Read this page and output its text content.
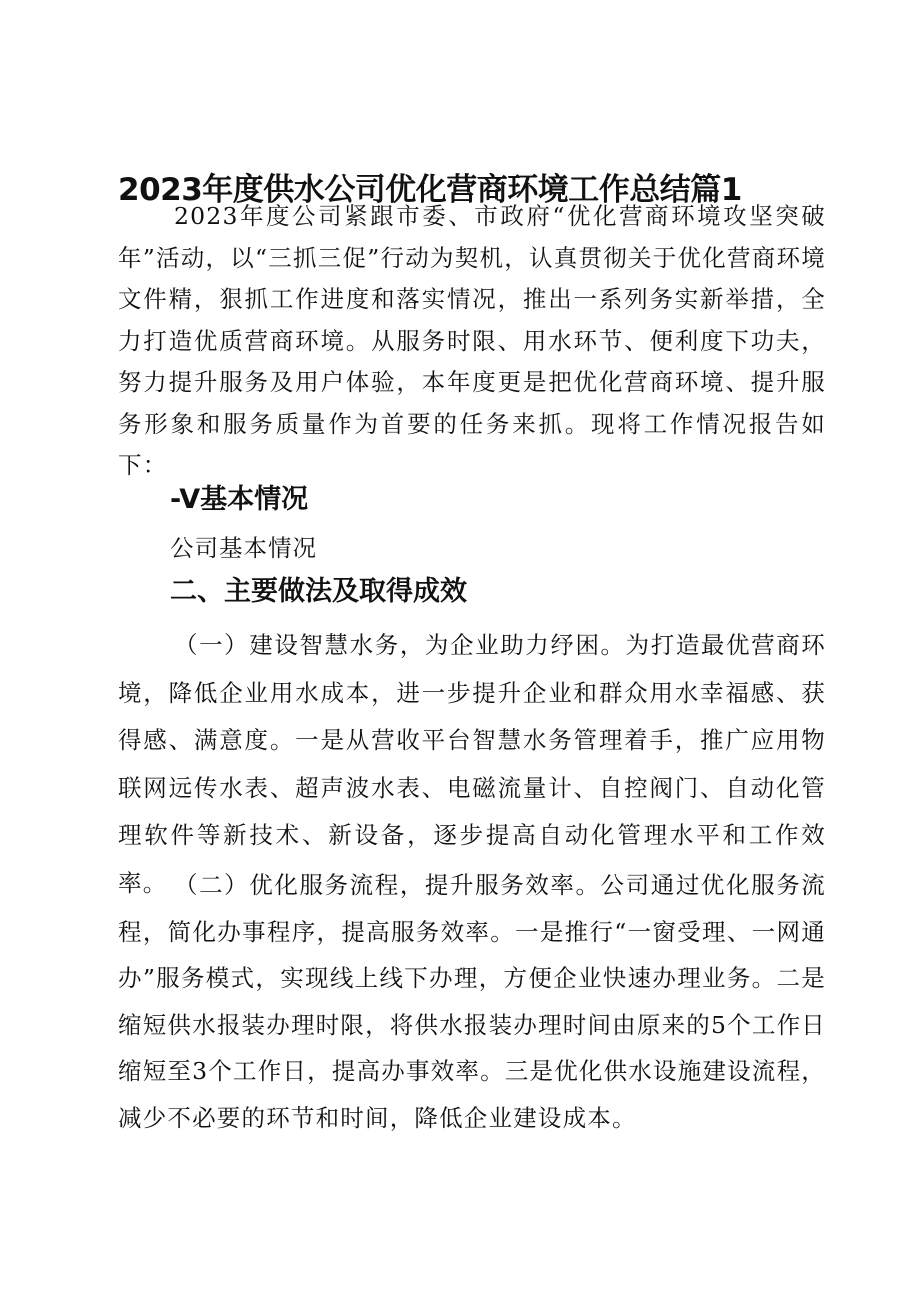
2023年度供水公司优化营商环境工作总结篇1
2023年度公司紧跟市委、市政府“优化营商环境攻坚突破年”活动，以“三抓三促”行动为契机，认真贯彻关于优化营商环境文件精，狠抓工作进度和落实情况，推出一系列务实新举措，全力打造优质营商环境。从服务时限、用水环节、便利度下功夫，努力提升服务及用户体验，本年度更是把优化营商环境、提升服务形象和服务质量作为首要的任务来抓。现将工作情况报告如下：
-V基本情况
公司基本情况
二、主要做法及取得成效
（一）建设智慧水务，为企业助力纾困。为打造最优营商环境，降低企业用水成本，进一步提升企业和群众用水幸福感、获得感、满意度。一是从营收平台智慧水务管理着手，推广应用物联网远传水表、超声波水表、电磁流量计、自控阀门、自动化管理软件等新技术、新设备，逐步提高自动化管理水平和工作效率。 （二）优化服务流程，提升服务效率。公司通过优化服务流程，简化办事程序，提高服务效率。一是推行“一窗受理、一网通办”服务模式，实现线上线下办理，方便企业快速办理业务。二是缩短供水报装办理时限，将供水报装办理时间由原来的5个工作日缩短至3个工作日，提高办事效率。三是优化供水设施建设流程，减少不必要的环节和时间，降低企业建设成本。
